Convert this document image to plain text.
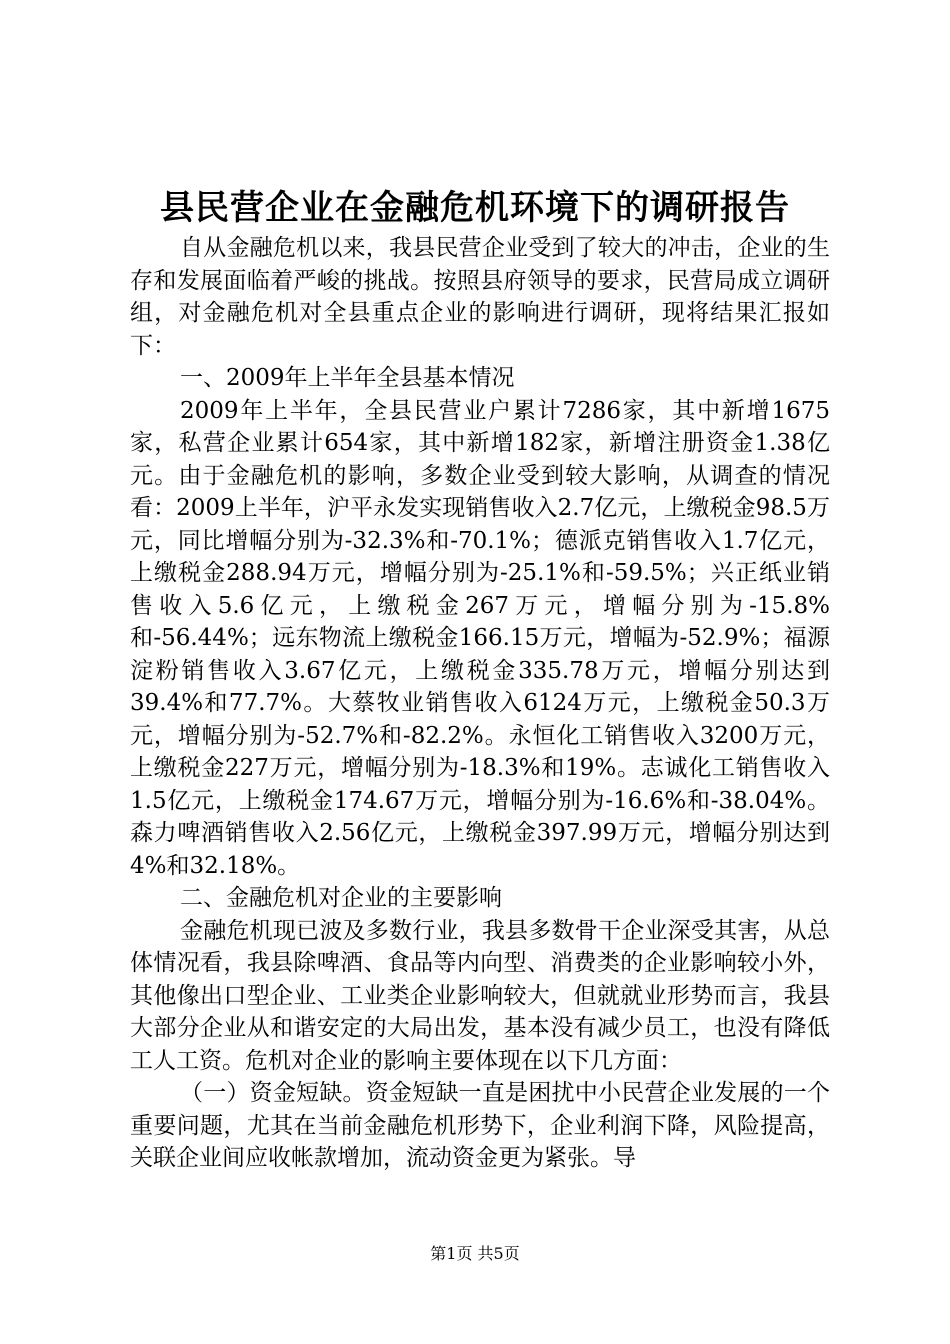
县民营企业在金融危机环境下的调研报告

自从金融危机以来，我县民营企业受到了较大的冲击，企业的生存和发展面临着严峻的挑战。按照县府领导的要求，民营局成立调研组，对金融危机对全县重点企业的影响进行调研，现将结果汇报如下：

一、2009年上半年全县基本情况

2009年上半年，全县民营业户累计7286家，其中新增1675家，私营企业累计654家，其中新增182家，新增注册资金1.38亿元。由于金融危机的影响，多数企业受到较大影响，从调查的情况看：2009上半年，沪平永发实现销售收入2.7亿元，上缴税金98.5万元，同比增幅分别为-32.3%和-70.1%；德派克销售收入1.7亿元，上缴税金288.94万元，增幅分别为-25.1%和-59.5%；兴正纸业销售收入5.6亿元，上缴税金267万元，增幅分别为-15.8%和-56.44%；远东物流上缴税金166.15万元，增幅为-52.9%；福源淀粉销售收入3.67亿元，上缴税金335.78万元，增幅分别达到39.4%和77.7%。大蔡牧业销售收入6124万元，上缴税金50.3万元，增幅分别为-52.7%和-82.2%。永恒化工销售收入3200万元，上缴税金227万元，增幅分别为-18.3%和19%。志诚化工销售收入1.5亿元，上缴税金174.67万元，增幅分别为-16.6%和-38.04%。森力啤酒销售收入2.56亿元，上缴税金397.99万元，增幅分别达到4%和32.18%。

二、金融危机对企业的主要影响

金融危机现已波及多数行业，我县多数骨干企业深受其害，从总体情况看，我县除啤酒、食品等内向型、消费类的企业影响较小外，其他像出口型企业、工业类企业影响较大，但就就业形势而言，我县大部分企业从和谐安定的大局出发，基本没有减少员工，也没有降低工人工资。危机对企业的影响主要体现在以下几方面：

（一）资金短缺。资金短缺一直是困扰中小民营企业发展的一个重要问题，尤其在当前金融危机形势下，企业利润下降，风险提高，关联企业间应收帐款增加，流动资金更为紧张。导

第1页 共5页
